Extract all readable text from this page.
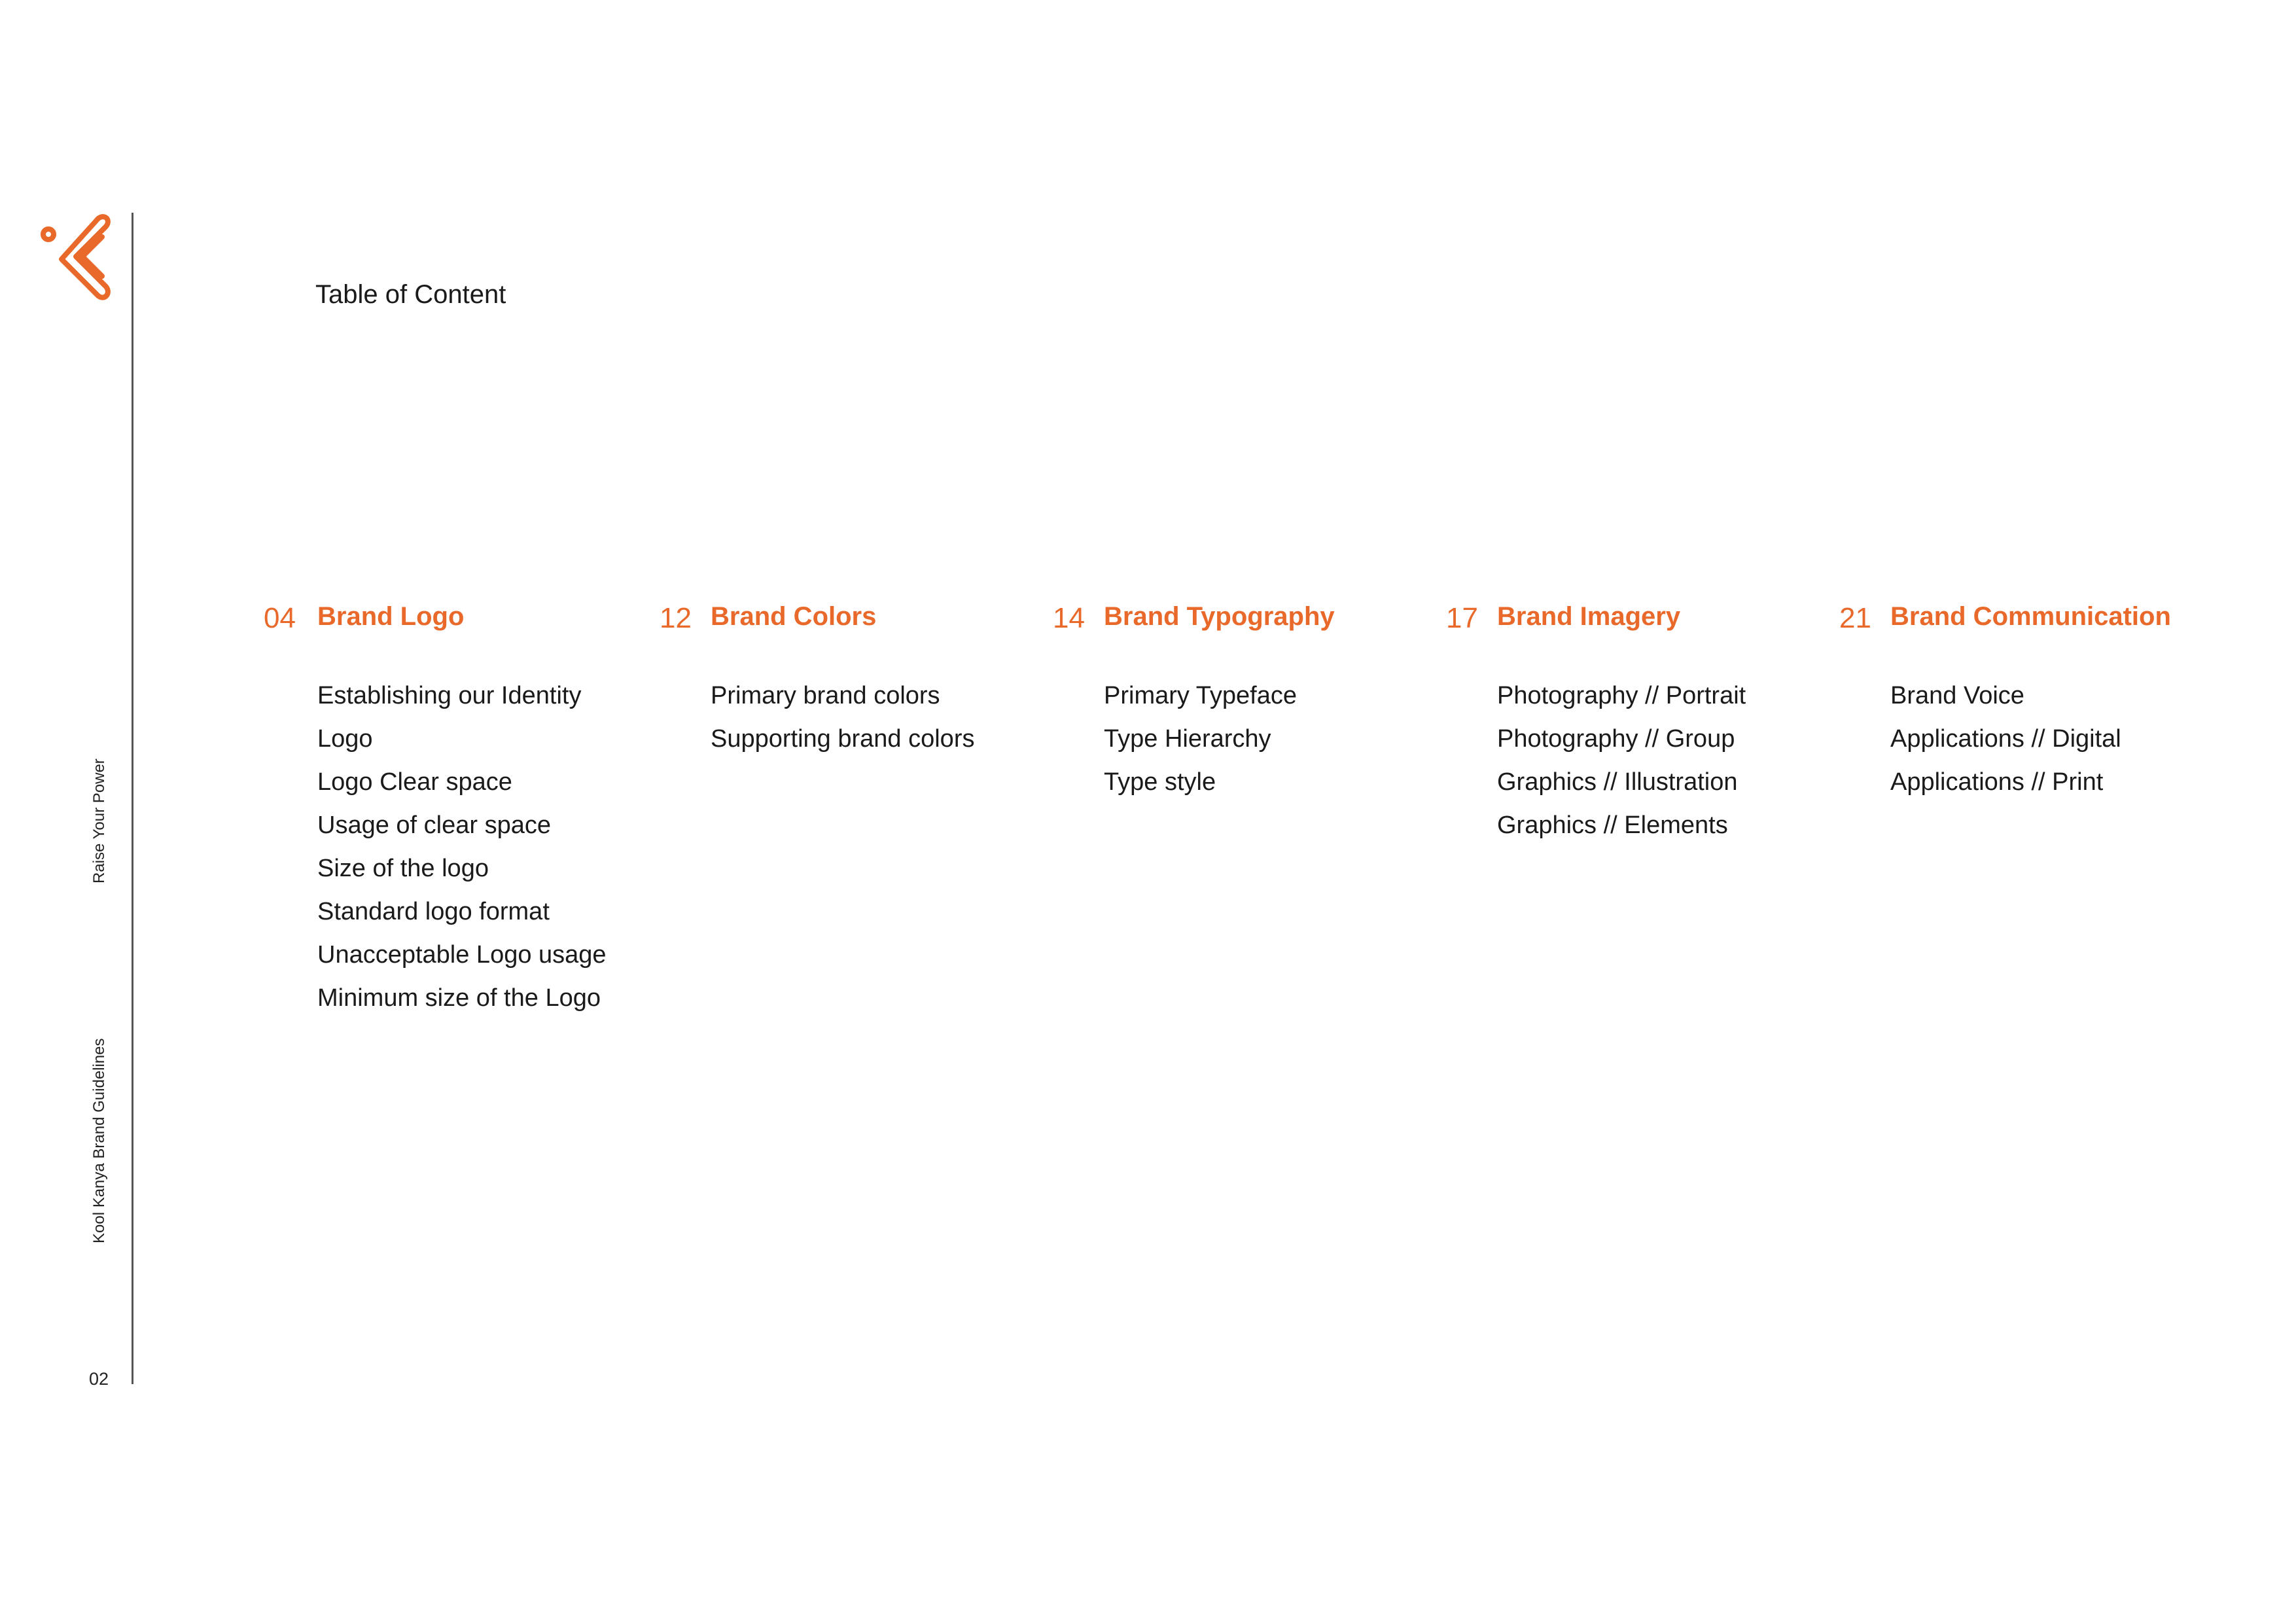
Raise Your Power
Kool Kanya Brand Guidelines
02
Table of Content
04 Brand Logo
Establishing our Identity
Logo
Logo Clear space
Usage of clear space
Size of the logo
Standard logo format
Unacceptable Logo usage
Minimum size of the Logo
12 Brand Colors
Primary brand colors
Supporting brand colors
14 Brand Typography
Primary Typeface
Type Hierarchy
Type style
17 Brand Imagery
Photography // Portrait
Photography // Group
Graphics // Illustration
Graphics // Elements
21 Brand Communication
Brand Voice
Applications // Digital
Applications // Print
